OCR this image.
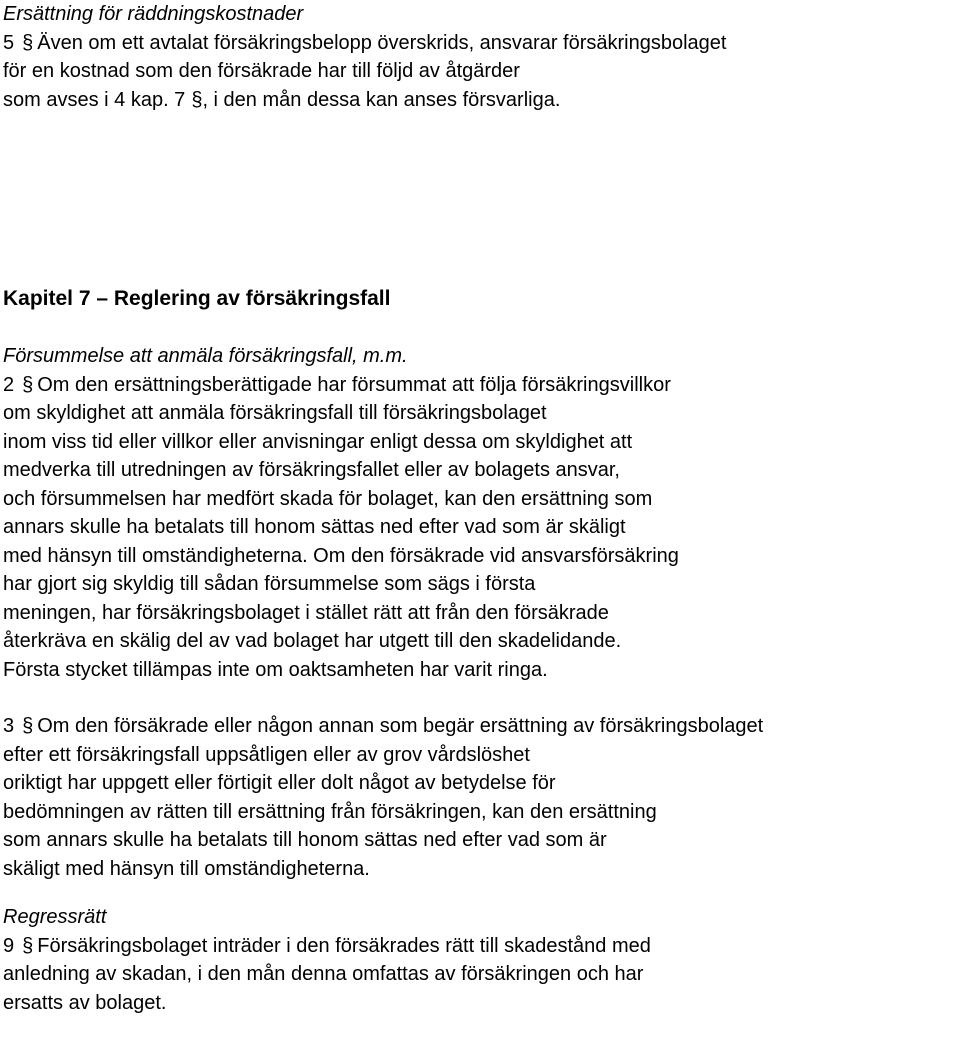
Ersättning för räddningskostnader
5 § Även om ett avtalat försäkringsbelopp överskrids, ansvarar försäkringsbolaget
för en kostnad som den försäkrade har till följd av åtgärder
som avses i 4 kap. 7 §, i den mån dessa kan anses försvarliga.
Kapitel 7 – Reglering av försäkringsfall
Försummelse att anmäla försäkringsfall, m.m.
2 § Om den ersättningsberättigade har försummat att följa försäkringsvillkor
om skyldighet att anmäla försäkringsfall till försäkringsbolaget
inom viss tid eller villkor eller anvisningar enligt dessa om skyldighet att
medverka till utredningen av försäkringsfallet eller av bolagets ansvar,
och försummelsen har medfört skada för bolaget, kan den ersättning som
annars skulle ha betalats till honom sättas ned efter vad som är skäligt
med hänsyn till omständigheterna. Om den försäkrade vid ansvarsförsäkring
har gjort sig skyldig till sådan försummelse som sägs i första
meningen, har försäkringsbolaget i stället rätt att från den försäkrade
återkräva en skälig del av vad bolaget har utgett till den skadelidande.
Första stycket tillämpas inte om oaktsamheten har varit ringa.
3 § Om den försäkrade eller någon annan som begär ersättning av försäkringsbolaget
efter ett försäkringsfall uppsåtligen eller av grov vårdslöshet
oriktigt har uppgett eller förtigit eller dolt något av betydelse för
bedömningen av rätten till ersättning från försäkringen, kan den ersättning
som annars skulle ha betalats till honom sättas ned efter vad som är
skäligt med hänsyn till omständigheterna.
Regressrätt
9 § Försäkringsbolaget inträder i den försäkrades rätt till skadestånd med
anledning av skadan, i den mån denna omfattas av försäkringen och har
ersatts av bolaget.
